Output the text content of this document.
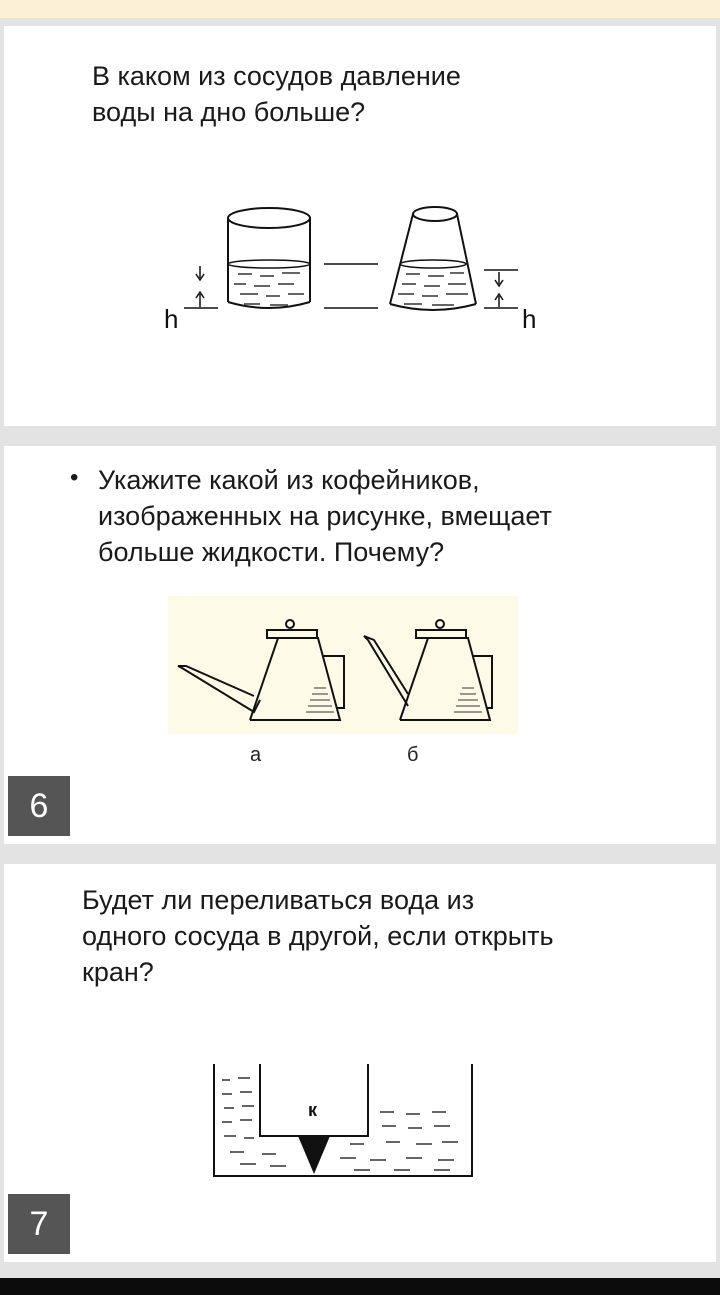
В каком из сосудов давление
воды на дно больше?

h	h
• Укажите какой из кофейников,
изображенных на рисунке, вмещает
больше жидкости. Почему?

а	б
6

Будет ли переливаться вода из
одного сосуда в другой, если открыть
кран?

к
7
